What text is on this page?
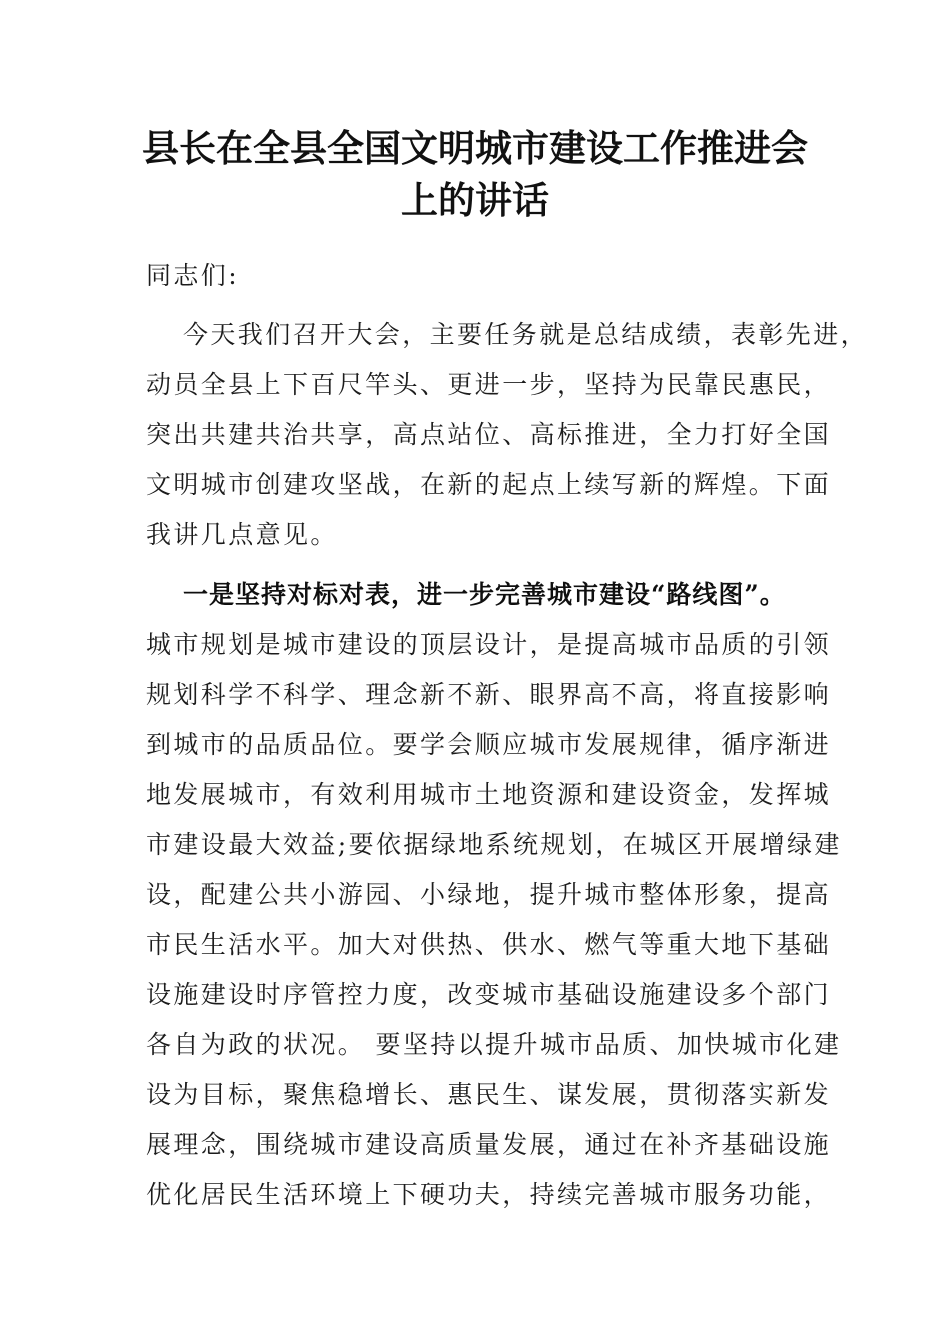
县长在全县全国文明城市建设工作推进会
上的讲话
同志们:
今天我们召开大会，主要任务就是总结成绩，表彰先进，
动员全县上下百尺竿头、更进一步，坚持为民靠民惠民，
突出共建共治共享，高点站位、高标推进，全力打好全国
文明城市创建攻坚战，在新的起点上续写新的辉煌。下面
我讲几点意见。
一是坚持对标对表，进一步完善城市建设“路线图”。
城市规划是城市建设的顶层设计，是提高城市品质的引领
规划科学不科学、理念新不新、眼界高不高，将直接影响
到城市的品质品位。要学会顺应城市发展规律，循序渐进
地发展城市，有效利用城市土地资源和建设资金，发挥城
市建设最大效益;要依据绿地系统规划，在城区开展增绿建
设，配建公共小游园、小绿地，提升城市整体形象，提高
市民生活水平。加大对供热、供水、燃气等重大地下基础
设施建设时序管控力度，改变城市基础设施建设多个部门
各自为政的状况。 要坚持以提升城市品质、加快城市化建
设为目标，聚焦稳增长、惠民生、谋发展，贯彻落实新发
展理念，围绕城市建设高质量发展，通过在补齐基础设施
优化居民生活环境上下硬功夫，持续完善城市服务功能，
